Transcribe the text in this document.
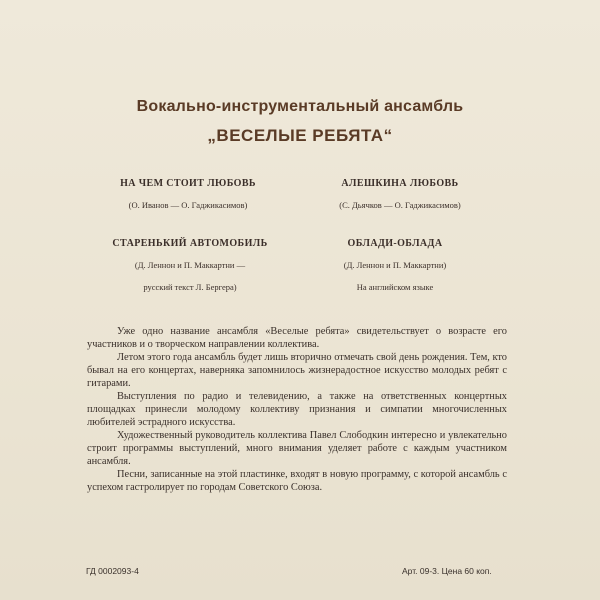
Вокально-инструментальный ансамбль
„ВЕСЕЛЫЕ РЕБЯТА“
НА ЧЕМ СТОИТ ЛЮБОВЬ
(О. Иванов — О. Гаджикасимов)
АЛЕШКИНА ЛЮБОВЬ
(С. Дьячков — О. Гаджикасимов)
СТАРЕНЬКИЙ АВТОМОБИЛЬ
(Д. Леннон и П. Маккартни —
русский текст Л. Бергера)
ОБЛАДИ-ОБЛАДА
(Д. Леннон и П. Маккартни)
На английском языке

Уже одно название ансамбля «Веселые ребята» свидетельствует о возрасте его участников и о творческом направлении коллектива.

Летом этого года ансамбль будет лишь вторично отмечать свой день рождения. Тем, кто бывал на его концертах, наверняка запомнилось жизнерадостное искусство молодых ребят с гитарами.

Выступления по радио и телевидению, а также на ответственных концертных площадках принесли молодому коллективу признания и симпатии многочисленных любителей эстрадного искусства.

Художественный руководитель коллектива Павел Слободкин интересно и увлекательно строит программы выступлений, много внимания уделяет работе с каждым участником ансамбля.

Песни, записанные на этой пластинке, входят в новую программу, с которой ансамбль с успехом гастролирует по городам Советского Союза.

ГД 0002093-4	Арт. 09-3. Цена 60 коп.
